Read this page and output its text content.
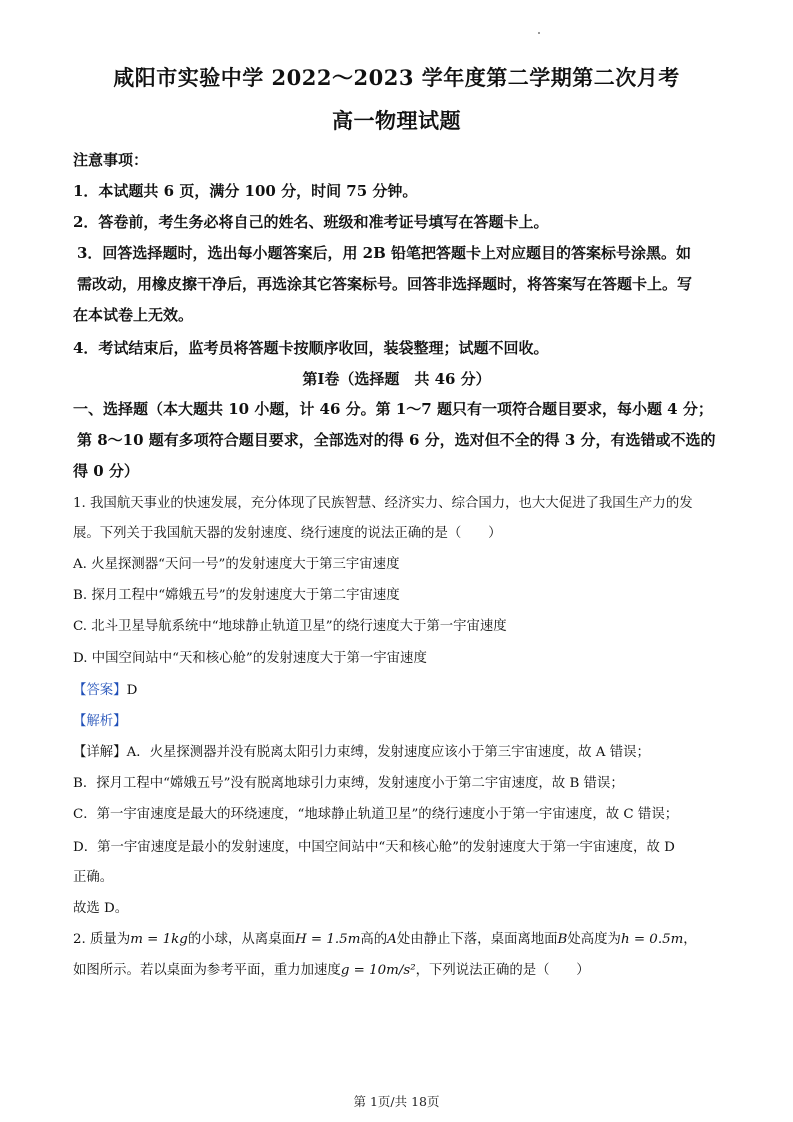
咸阳市实验中学 2022～2023 学年度第二学期第二次月考
高一物理试题
注意事项：
1．本试题共 6 页，满分 100 分，时间 75 分钟。
2．答卷前，考生务必将自己的姓名、班级和准考证号填写在答题卡上。
3．回答选择题时，选出每小题答案后，用 2B 铅笔把答题卡上对应题目的答案标号涂黑。如
需改动，用橡皮擦干净后，再选涂其它答案标号。回答非选择题时，将答案写在答题卡上。写
在本试卷上无效。
4．考试结束后，监考员将答题卡按顺序收回，装袋整理；试题不回收。
第Ⅰ卷（选择题　共 46 分）
一、选择题（本大题共 10 小题，计 46 分。第 1～7 题只有一项符合题目要求，每小题 4 分；
第 8～10 题有多项符合题目要求，全部选对的得 6 分，选对但不全的得 3 分，有选错或不选的
得 0 分）
1. 我国航天事业的快速发展，充分体现了民族智慧、经济实力、综合国力，也大大促进了我国生产力的发
展。下列关于我国航天器的发射速度、绕行速度的说法正确的是（　　）
A. 火星探测器“天问一号”的发射速度大于第三宇宙速度
B. 探月工程中“嫦娥五号”的发射速度大于第二宇宙速度
C. 北斗卫星导航系统中“地球静止轨道卫星”的绕行速度大于第一宇宙速度
D. 中国空间站中“天和核心舱”的发射速度大于第一宇宙速度
【答案】D
【解析】
【详解】A．火星探测器并没有脱离太阳引力束缚，发射速度应该小于第三宇宙速度，故 A 错误；
B．探月工程中“嫦娥五号”没有脱离地球引力束缚，发射速度小于第二宇宙速度，故 B 错误；
C．第一宇宙速度是最大的环绕速度，“地球静止轨道卫星”的绕行速度小于第一宇宙速度，故 C 错误；
D．第一宇宙速度是最小的发射速度，中国空间站中“天和核心舱”的发射速度大于第一宇宙速度，故 D
正确。
故选 D。
2. 质量为m = 1kg的小球，从离桌面H = 1.5m高的A处由静止下落，桌面离地面B处高度为h = 0.5m，
如图所示。若以桌面为参考平面，重力加速度g = 10m/s²，下列说法正确的是（　　）
第 1页/共 18页
